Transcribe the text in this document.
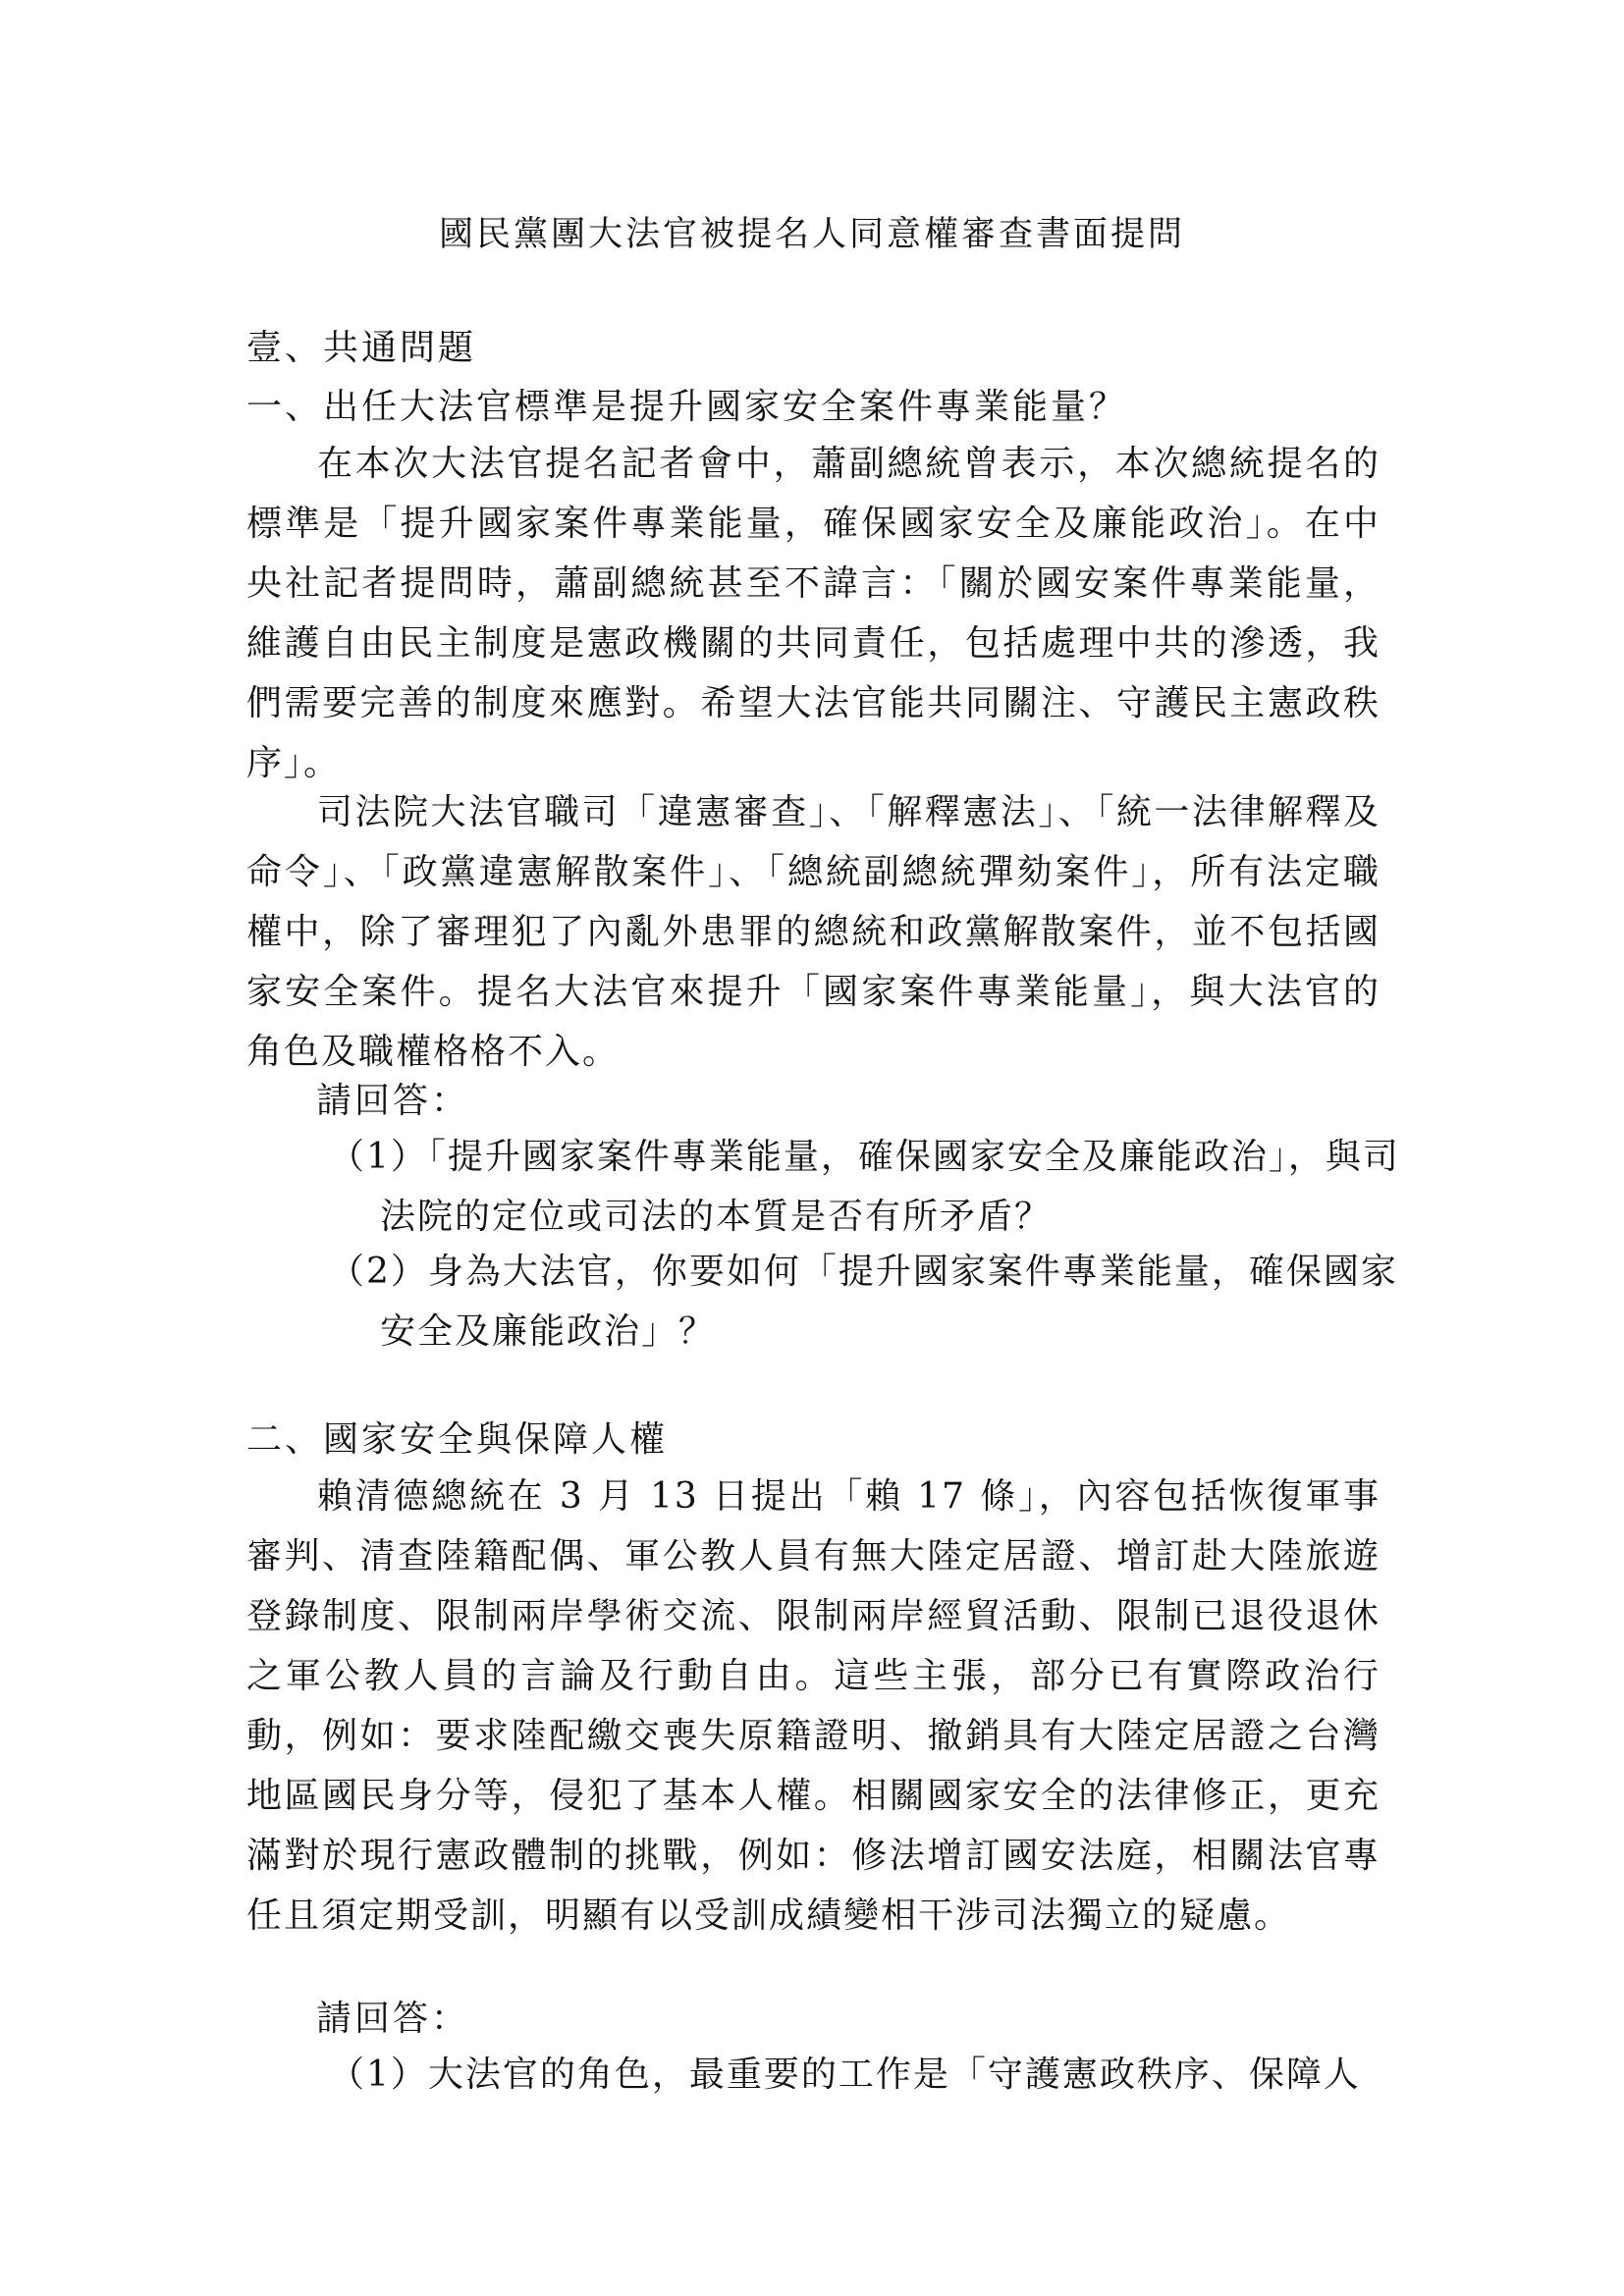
國民黨團大法官被提名人同意權審查書面提問
壹、共通問題
一、出任大法官標準是提升國家安全案件專業能量？
在本次大法官提名記者會中，蕭副總統曾表示，本次總統提名的標準是「提升國家案件專業能量，確保國家安全及廉能政治」。在中央社記者提問時，蕭副總統甚至不諱言：「關於國安案件專業能量，維護自由民主制度是憲政機關的共同責任，包括處理中共的滲透，我們需要完善的制度來應對。希望大法官能共同關注、守護民主憲政秩序」。
司法院大法官職司「違憲審查」、「解釋憲法」、「統一法律解釋及命令」、「政黨違憲解散案件」、「總統副總統彈劾案件」，所有法定職權中，除了審理犯了內亂外患罪的總統和政黨解散案件，並不包括國家安全案件。提名大法官來提升「國家案件專業能量」，與大法官的角色及職權格格不入。
請回答：
（1）「提升國家案件專業能量，確保國家安全及廉能政治」，與司法院的定位或司法的本質是否有所矛盾？
（2）身為大法官，你要如何「提升國家案件專業能量，確保國家安全及廉能政治」？
二、國家安全與保障人權
賴清德總統在 3 月 13 日提出「賴 17 條」，內容包括恢復軍事審判、清查陸籍配偶、軍公教人員有無大陸定居證、增訂赴大陸旅遊登錄制度、限制兩岸學術交流、限制兩岸經貿活動、限制已退役退休之軍公教人員的言論及行動自由。這些主張，部分已有實際政治行動，例如：要求陸配繳交喪失原籍證明、撤銷具有大陸定居證之台灣地區國民身分等，侵犯了基本人權。相關國家安全的法律修正，更充滿對於現行憲政體制的挑戰，例如：修法增訂國安法庭，相關法官專任且須定期受訓，明顯有以受訓成績變相干涉司法獨立的疑慮。
請回答：
（1）大法官的角色，最重要的工作是「守護憲政秩序、保障人
